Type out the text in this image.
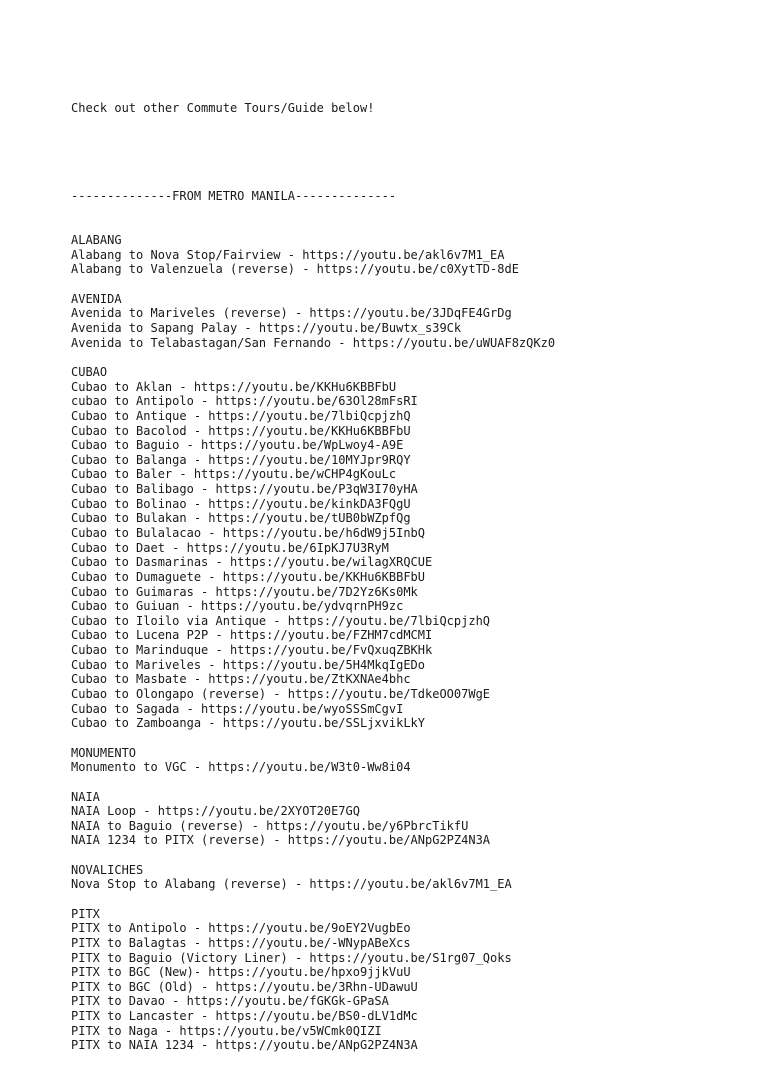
Check out other Commute Tours/Guide below!

--------------FROM METRO MANILA--------------

ALABANG
Alabang to Nova Stop/Fairview - https://youtu.be/akl6v7M1_EA
Alabang to Valenzuela (reverse) - https://youtu.be/c0XytTD-8dE
AVENIDA
Avenida to Mariveles (reverse) - https://youtu.be/3JDqFE4GrDg
Avenida to Sapang Palay - https://youtu.be/Buwtx_s39Ck
Avenida to Telabastagan/San Fernando - https://youtu.be/uWUAF8zQKz0
CUBAO
Cubao to Aklan - https://youtu.be/KKHu6KBBFbU
cubao to Antipolo - https://youtu.be/63Ol28mFsRI
Cubao to Antique - https://youtu.be/7lbiQcpjzhQ
Cubao to Bacolod - https://youtu.be/KKHu6KBBFbU
Cubao to Baguio - https://youtu.be/WpLwoy4-A9E
Cubao to Balanga - https://youtu.be/10MYJpr9RQY
Cubao to Baler - https://youtu.be/wCHP4gKouLc
Cubao to Balibago - https://youtu.be/P3qW3I70yHA
Cubao to Bolinao - https://youtu.be/kinkDA3FQgU
Cubao to Bulakan - https://youtu.be/tUB0bWZpfQg
Cubao to Bulalacao - https://youtu.be/h6dW9j5InbQ
Cubao to Daet - https://youtu.be/6IpKJ7U3RyM
Cubao to Dasmarinas - https://youtu.be/wilagXRQCUE
Cubao to Dumaguete - https://youtu.be/KKHu6KBBFbU
Cubao to Guimaras - https://youtu.be/7D2Yz6Ks0Mk
Cubao to Guiuan - https://youtu.be/ydvqrnPH9zc
Cubao to Iloilo via Antique - https://youtu.be/7lbiQcpjzhQ
Cubao to Lucena P2P - https://youtu.be/FZHM7cdMCMI
Cubao to Marinduque - https://youtu.be/FvQxuqZBKHk
Cubao to Mariveles - https://youtu.be/5H4MkqIgEDo
Cubao to Masbate - https://youtu.be/ZtKXNAe4bhc
Cubao to Olongapo (reverse) - https://youtu.be/TdkeOO07WgE
Cubao to Sagada - https://youtu.be/wyoSSSmCgvI
Cubao to Zamboanga - https://youtu.be/SSLjxvikLkY
MONUMENTO
Monumento to VGC - https://youtu.be/W3t0-Ww8i04
NAIA
NAIA Loop - https://youtu.be/2XYOT20E7GQ
NAIA to Baguio (reverse) - https://youtu.be/y6PbrcTikfU
NAIA 1234 to PITX (reverse) - https://youtu.be/ANpG2PZ4N3A
NOVALICHES
Nova Stop to Alabang (reverse) - https://youtu.be/akl6v7M1_EA
PITX
PITX to Antipolo - https://youtu.be/9oEY2VugbEo
PITX to Balagtas - https://youtu.be/-WNypABeXcs
PITX to Baguio (Victory Liner) - https://youtu.be/S1rg07_Qoks
PITX to BGC (New)- https://youtu.be/hpxo9jjkVuU
PITX to BGC (Old) - https://youtu.be/3Rhn-UDawuU
PITX to Davao - https://youtu.be/fGKGk-GPaSA
PITX to Lancaster - https://youtu.be/BS0-dLV1dMc
PITX to Naga - https://youtu.be/v5WCmk0QIZI
PITX to NAIA 1234 - https://youtu.be/ANpG2PZ4N3A
